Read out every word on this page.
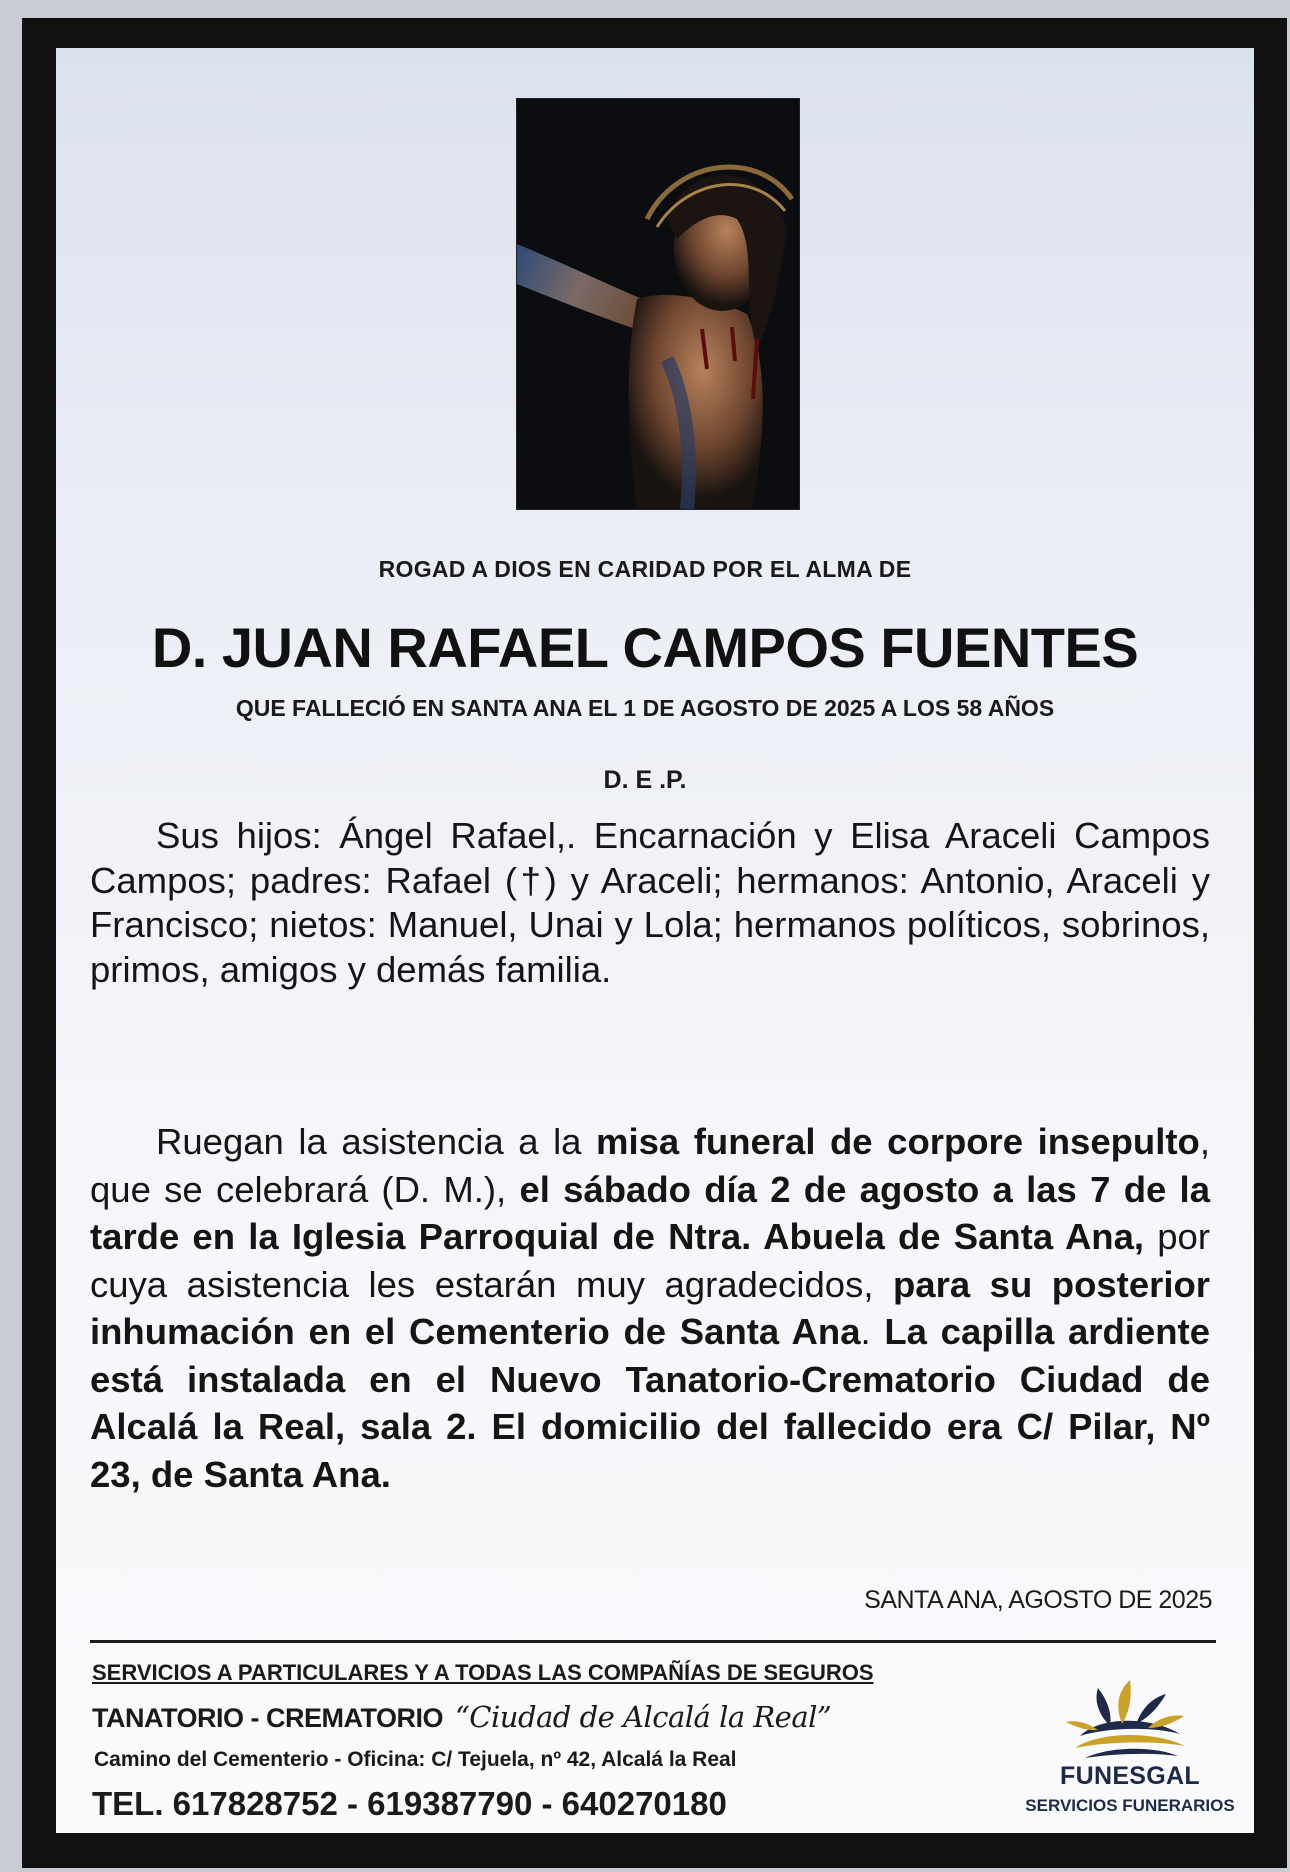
ROGAD A DIOS EN CARIDAD POR EL ALMA DE
D. JUAN RAFAEL CAMPOS FUENTES
QUE FALLECIÓ EN SANTA ANA EL 1 DE AGOSTO DE 2025 A LOS 58 AÑOS
D. E .P.
Sus hijos: Ángel Rafael,. Encarnación y Elisa Araceli Campos Campos; padres: Rafael (†) y Araceli; hermanos: Antonio, Araceli y Francisco; nietos: Manuel, Unai y Lola; hermanos políticos, sobrinos, primos, amigos y demás familia.
Ruegan la asistencia a la misa funeral de corpore insepulto, que se celebrará (D. M.), el sábado día 2 de agosto a las 7 de la tarde en la Iglesia Parroquial de Ntra. Abuela de Santa Ana, por cuya asistencia les estarán muy agradecidos, para su posterior inhumación en el Cementerio de Santa Ana. La capilla ardiente está instalada en el Nuevo Tanatorio-Crematorio Ciudad de Alcalá la Real, sala 2. El domicilio del fallecido era C/ Pilar, Nº 23, de Santa Ana.
SANTA ANA, AGOSTO DE 2025
SERVICIOS A PARTICULARES Y A TODAS LAS COMPAÑÍAS DE SEGUROS
TANATORIO - CREMATORIO “Ciudad de Alcalá la Real”
Camino del Cementerio - Oficina: C/ Tejuela, nº 42, Alcalá la Real
TEL. 617828752 - 619387790 - 640270180
FUNESGAL
SERVICIOS FUNERARIOS
